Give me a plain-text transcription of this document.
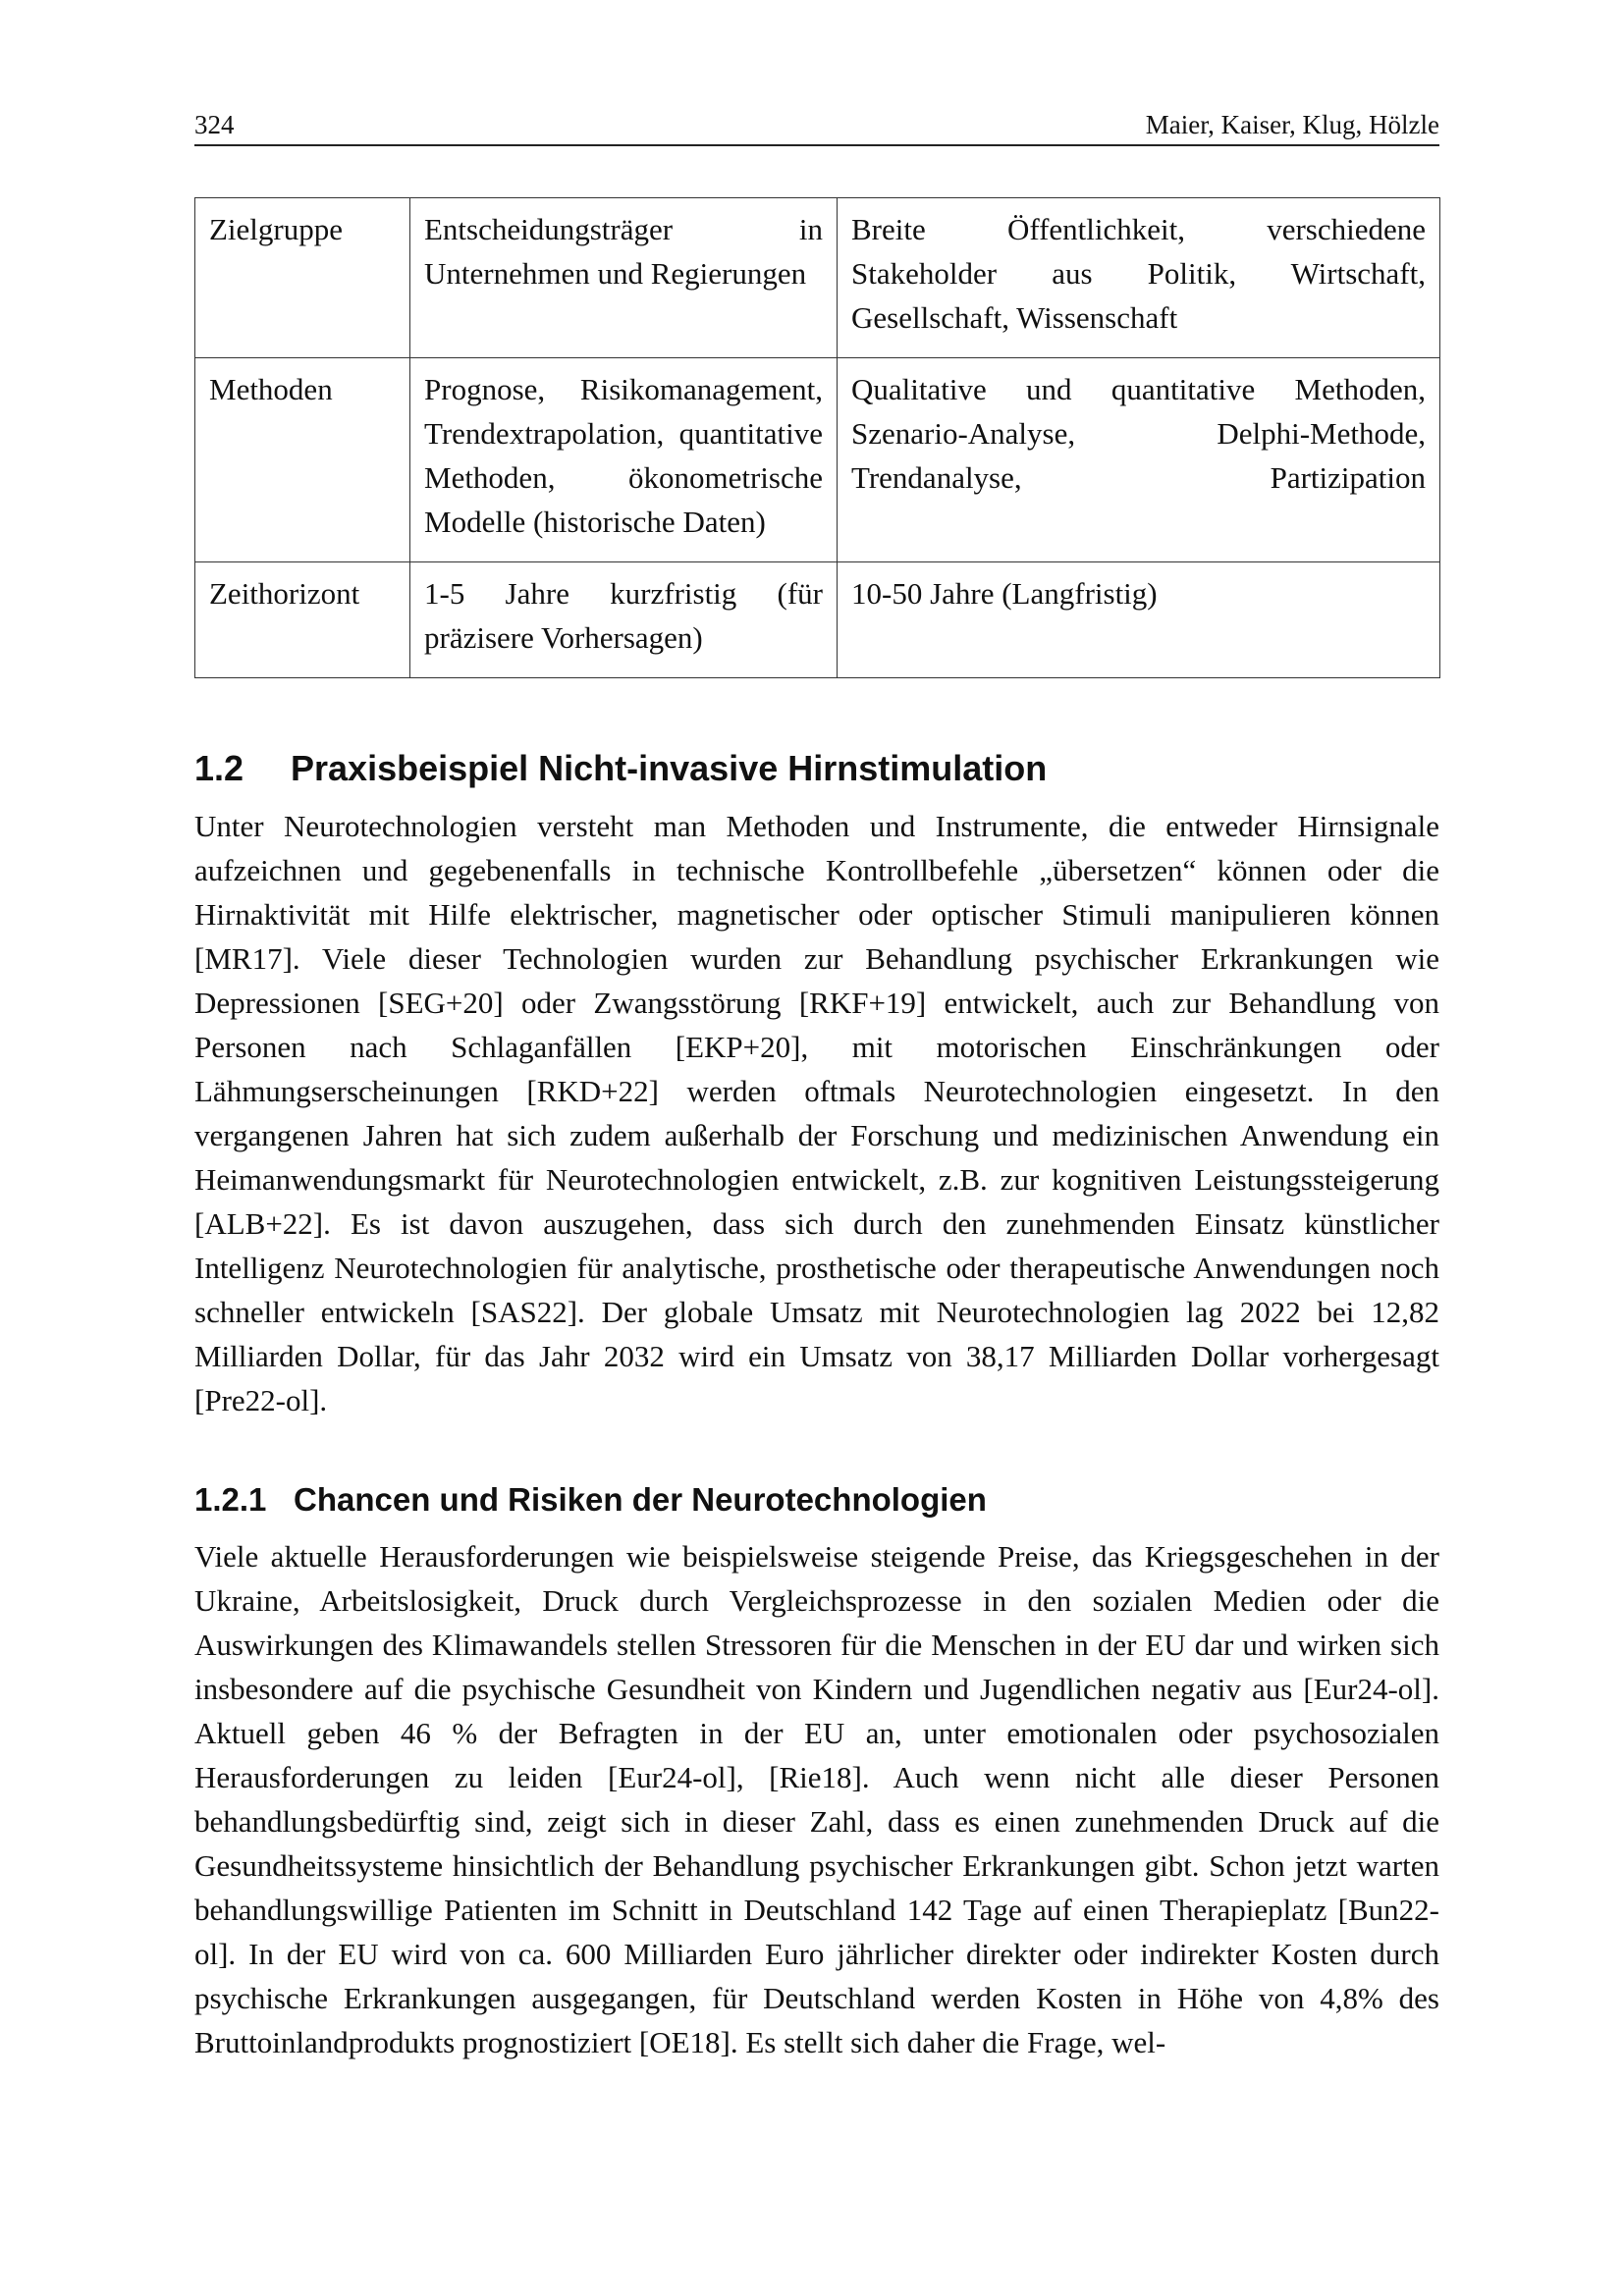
324	Maier, Kaiser, Klug, Hölzle
Zielgruppe	Entscheidungsträger in Unternehmen und Regierungen	Breite Öffentlichkeit, verschiedene Stakeholder aus Politik, Wirtschaft, Gesellschaft, Wissenschaft
Methoden	Prognose, Risikomanagement, Trendextrapolation, quantitative Methoden, ökonometrische Modelle (historische Daten)	Qualitative und quantitative Methoden, Szenario-Analyse, Delphi-Methode, Trendanalyse, Partizipation
Zeithorizont	1-5 Jahre kurzfristig (für präzisere Vorhersagen)	10-50 Jahre (Langfristig)
1.2	Praxisbeispiel Nicht-invasive Hirnstimulation

Unter Neurotechnologien versteht man Methoden und Instrumente, die entweder Hirnsignale aufzeichnen und gegebenenfalls in technische Kontrollbefehle „übersetzen“ können oder die Hirnaktivität mit Hilfe elektrischer, magnetischer oder optischer Stimuli manipulieren können [MR17]. Viele dieser Technologien wurden zur Behandlung psychischer Erkrankungen wie Depressionen [SEG+20] oder Zwangsstörung [RKF+19] entwickelt, auch zur Behandlung von Personen nach Schlaganfällen [EKP+20], mit motorischen Einschränkungen oder Lähmungserscheinungen [RKD+22] werden oftmals Neurotechnologien eingesetzt. In den vergangenen Jahren hat sich zudem außerhalb der Forschung und medizinischen Anwendung ein Heimanwendungsmarkt für Neurotechnologien entwickelt, z.B. zur kognitiven Leistungssteigerung [ALB+22]. Es ist davon auszugehen, dass sich durch den zunehmenden Einsatz künstlicher Intelligenz Neurotechnologien für analytische, prosthetische oder therapeutische Anwendungen noch schneller entwickeln [SAS22]. Der globale Umsatz mit Neurotechnologien lag 2022 bei 12,82 Milliarden Dollar, für das Jahr 2032 wird ein Umsatz von 38,17 Milliarden Dollar vorhergesagt [Pre22-ol].

1.2.1 Chancen und Risiken der Neurotechnologien

Viele aktuelle Herausforderungen wie beispielsweise steigende Preise, das Kriegsgeschehen in der Ukraine, Arbeitslosigkeit, Druck durch Vergleichsprozesse in den sozialen Medien oder die Auswirkungen des Klimawandels stellen Stressoren für die Menschen in der EU dar und wirken sich insbesondere auf die psychische Gesundheit von Kindern und Jugendlichen negativ aus [Eur24-ol]. Aktuell geben 46 % der Befragten in der EU an, unter emotionalen oder psychosozialen Herausforderungen zu leiden [Eur24-ol], [Rie18]. Auch wenn nicht alle dieser Personen behandlungsbedürftig sind, zeigt sich in dieser Zahl, dass es einen zunehmenden Druck auf die Gesundheitssysteme hinsichtlich der Behandlung psychischer Erkrankungen gibt. Schon jetzt warten behandlungswillige Patienten im Schnitt in Deutschland 142 Tage auf einen Therapieplatz [Bun22-ol]. In der EU wird von ca. 600 Milliarden Euro jährlicher direkter oder indirekter Kosten durch psychische Erkrankungen ausgegangen, für Deutschland werden Kosten in Höhe von 4,8% des Bruttoinlandprodukts prognostiziert [OE18]. Es stellt sich daher die Frage, wel-
